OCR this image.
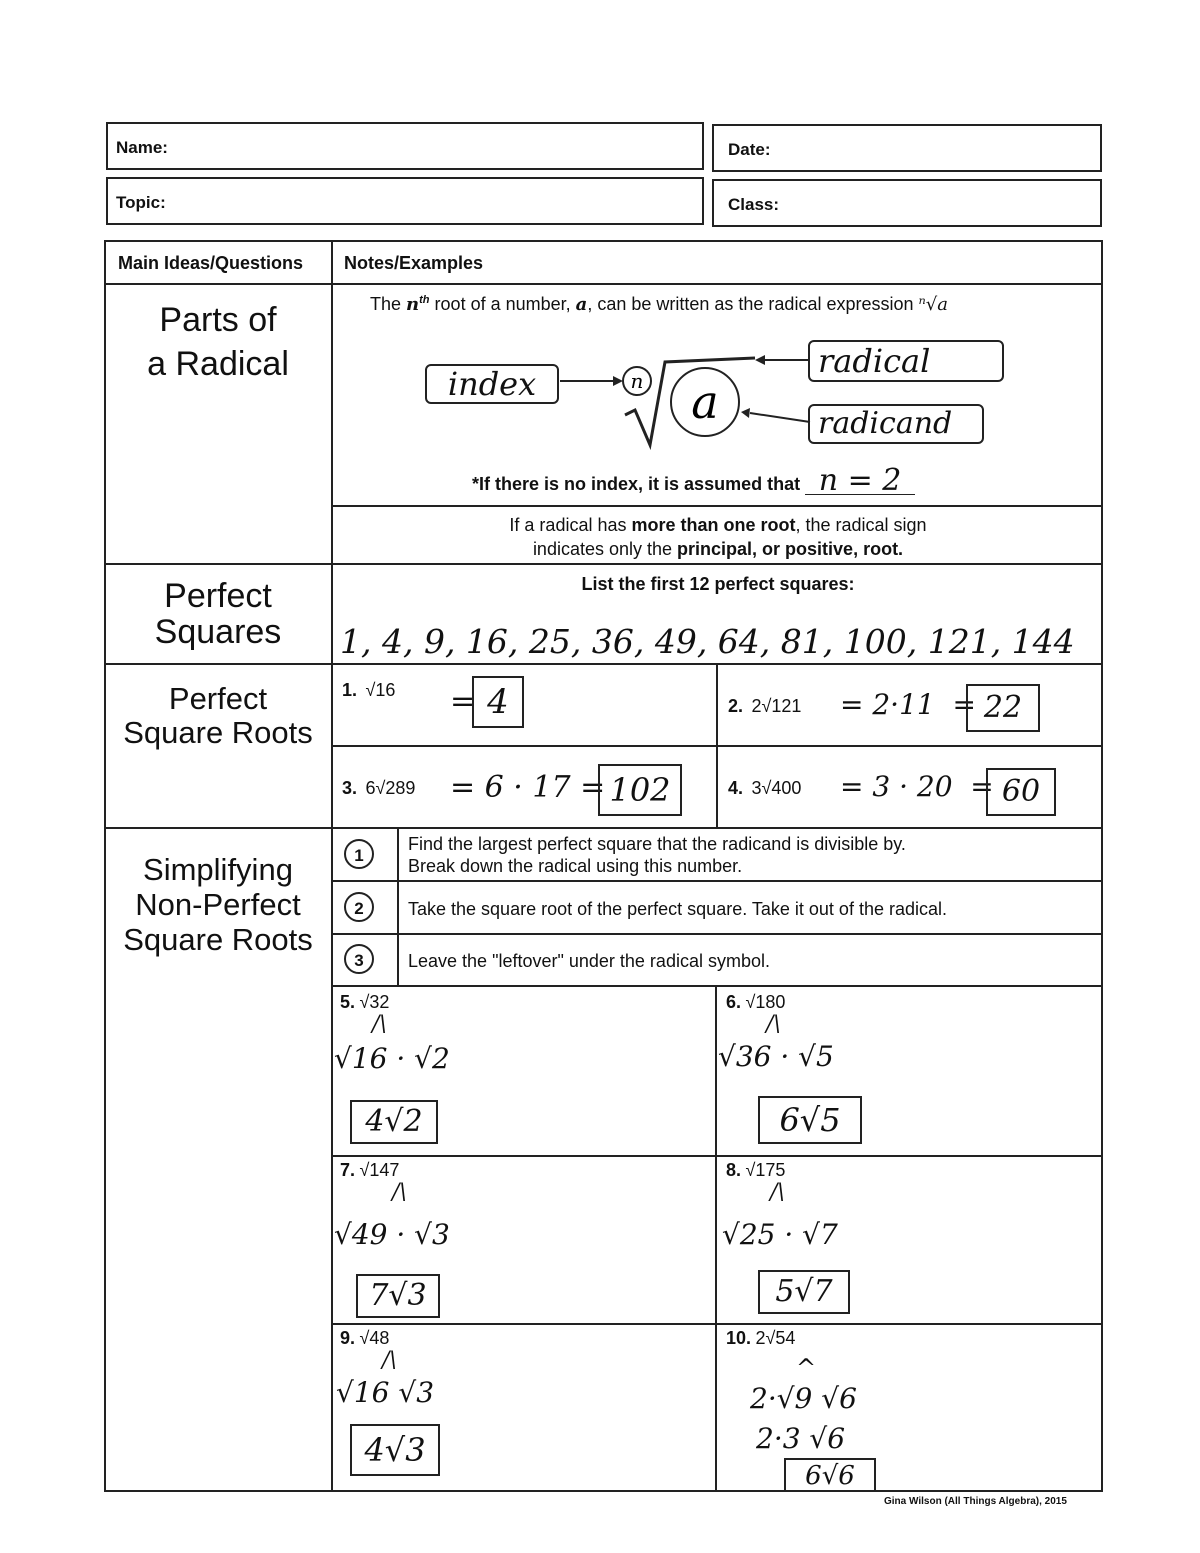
Name:	Date:
Topic:	Class:
Main Ideas/Questions Notes/Examples
Parts of
a Radical
The $n^{th}$ root of a number, a, can be written as the radical expression ⁿ√a
index	n a
radical
radicand
*If there is no index, it is assumed that n = 2
If a radical has more than one root, the radical sign
indicates only the principal, or positive, root.
Perfect
Squares
List the first 12 perfect squares:
1, 4, 9, 16, 25, 36, 49, 64, 81, 100, 121, 144
Perfect
Square Roots
1. √16 = 4	2. 2√121 = 2·11  = 22
3. 6√289 = 6 · 17 = 102	4. 3√400 = 3 · 20  = 60
Simplifying
Non-Perfect
Square Roots
1
Find the largest perfect square that the radicand is divisible by.
Break down the radical using this number.
2	Take the square root of the perfect square. Take it out of the radical.
3	Leave the "leftover" under the radical symbol.
5. √32
/\
√16 · √2
4√2
6. √180
/\
√36 · √5
6√5
7. √147
/\
√49 · √3
7√3
8. √175
/\
√25 · √7
5√7
9. √48
/\
√16 √3
4√3
10. 2√54
^
2·√9 √6
2·3 √6
6√6
Gina Wilson (All Things Algebra), 2015
